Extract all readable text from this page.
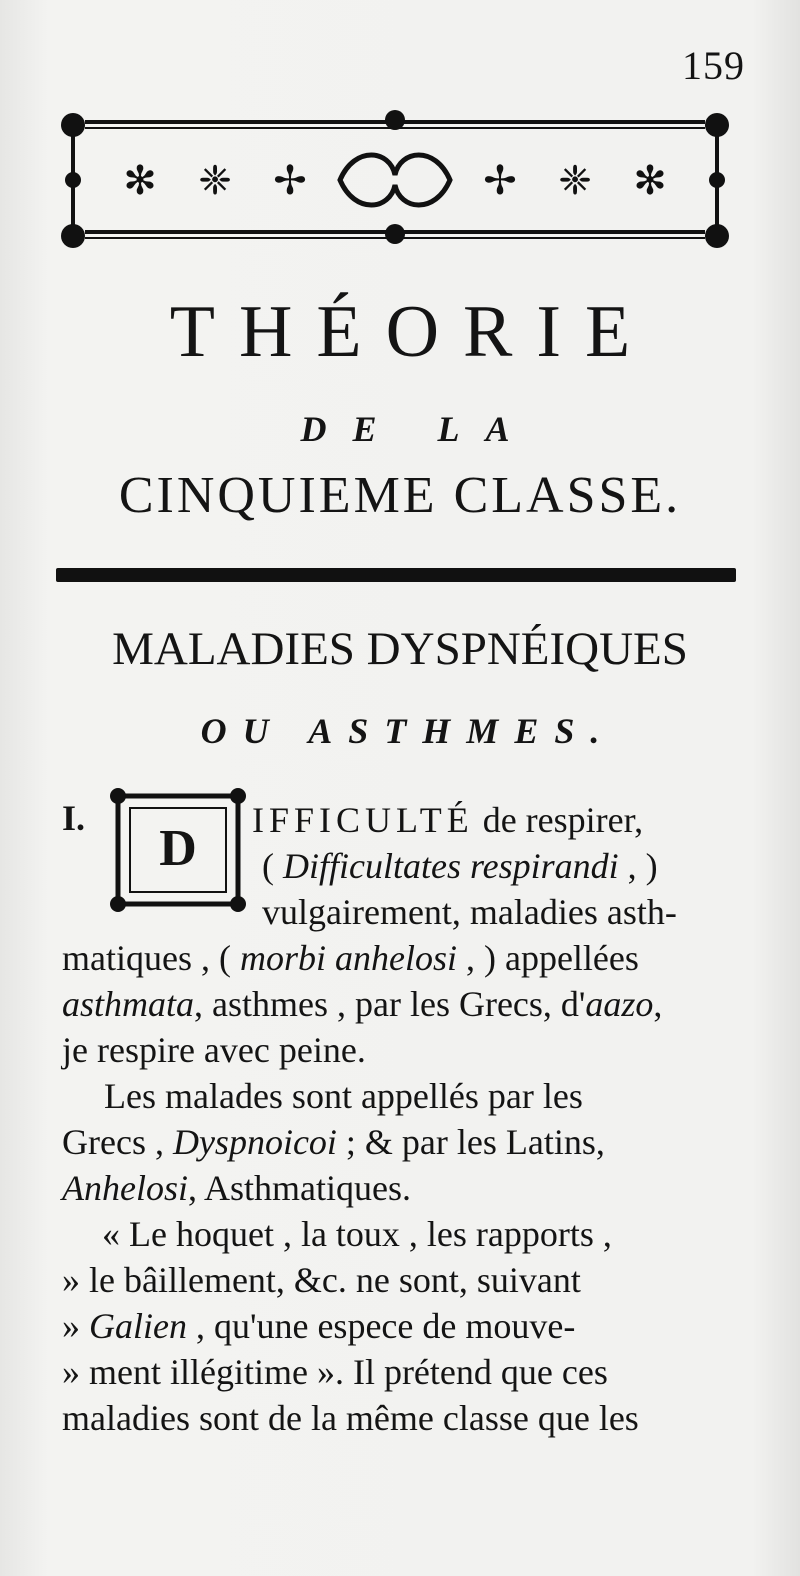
159
✻ ❈ ✢	✢ ❈ ✻
THÉORIE
DE LA
CINQUIEME CLASSE.
MALADIES DYSPNÉIQUES
OU ASTHMES.
I.
D
IFFICULTÉ de respirer,
( Difficultates respirandi , )
vulgairement, maladies asth-
matiques , ( morbi anhelosi , ) appellées
asthmata, asthmes , par les Grecs, d'aazo,
je respire avec peine.
Les malades sont appellés par les
Grecs , Dyspnoicoi ; & par les Latins,
Anhelosi, Asthmatiques.
« Le hoquet , la toux , les rapports ,
» le bâillement, &c. ne sont, suivant
» Galien , qu'une espece de mouve-
» ment illégitime ». Il prétend que ces
maladies sont de la même classe que les
